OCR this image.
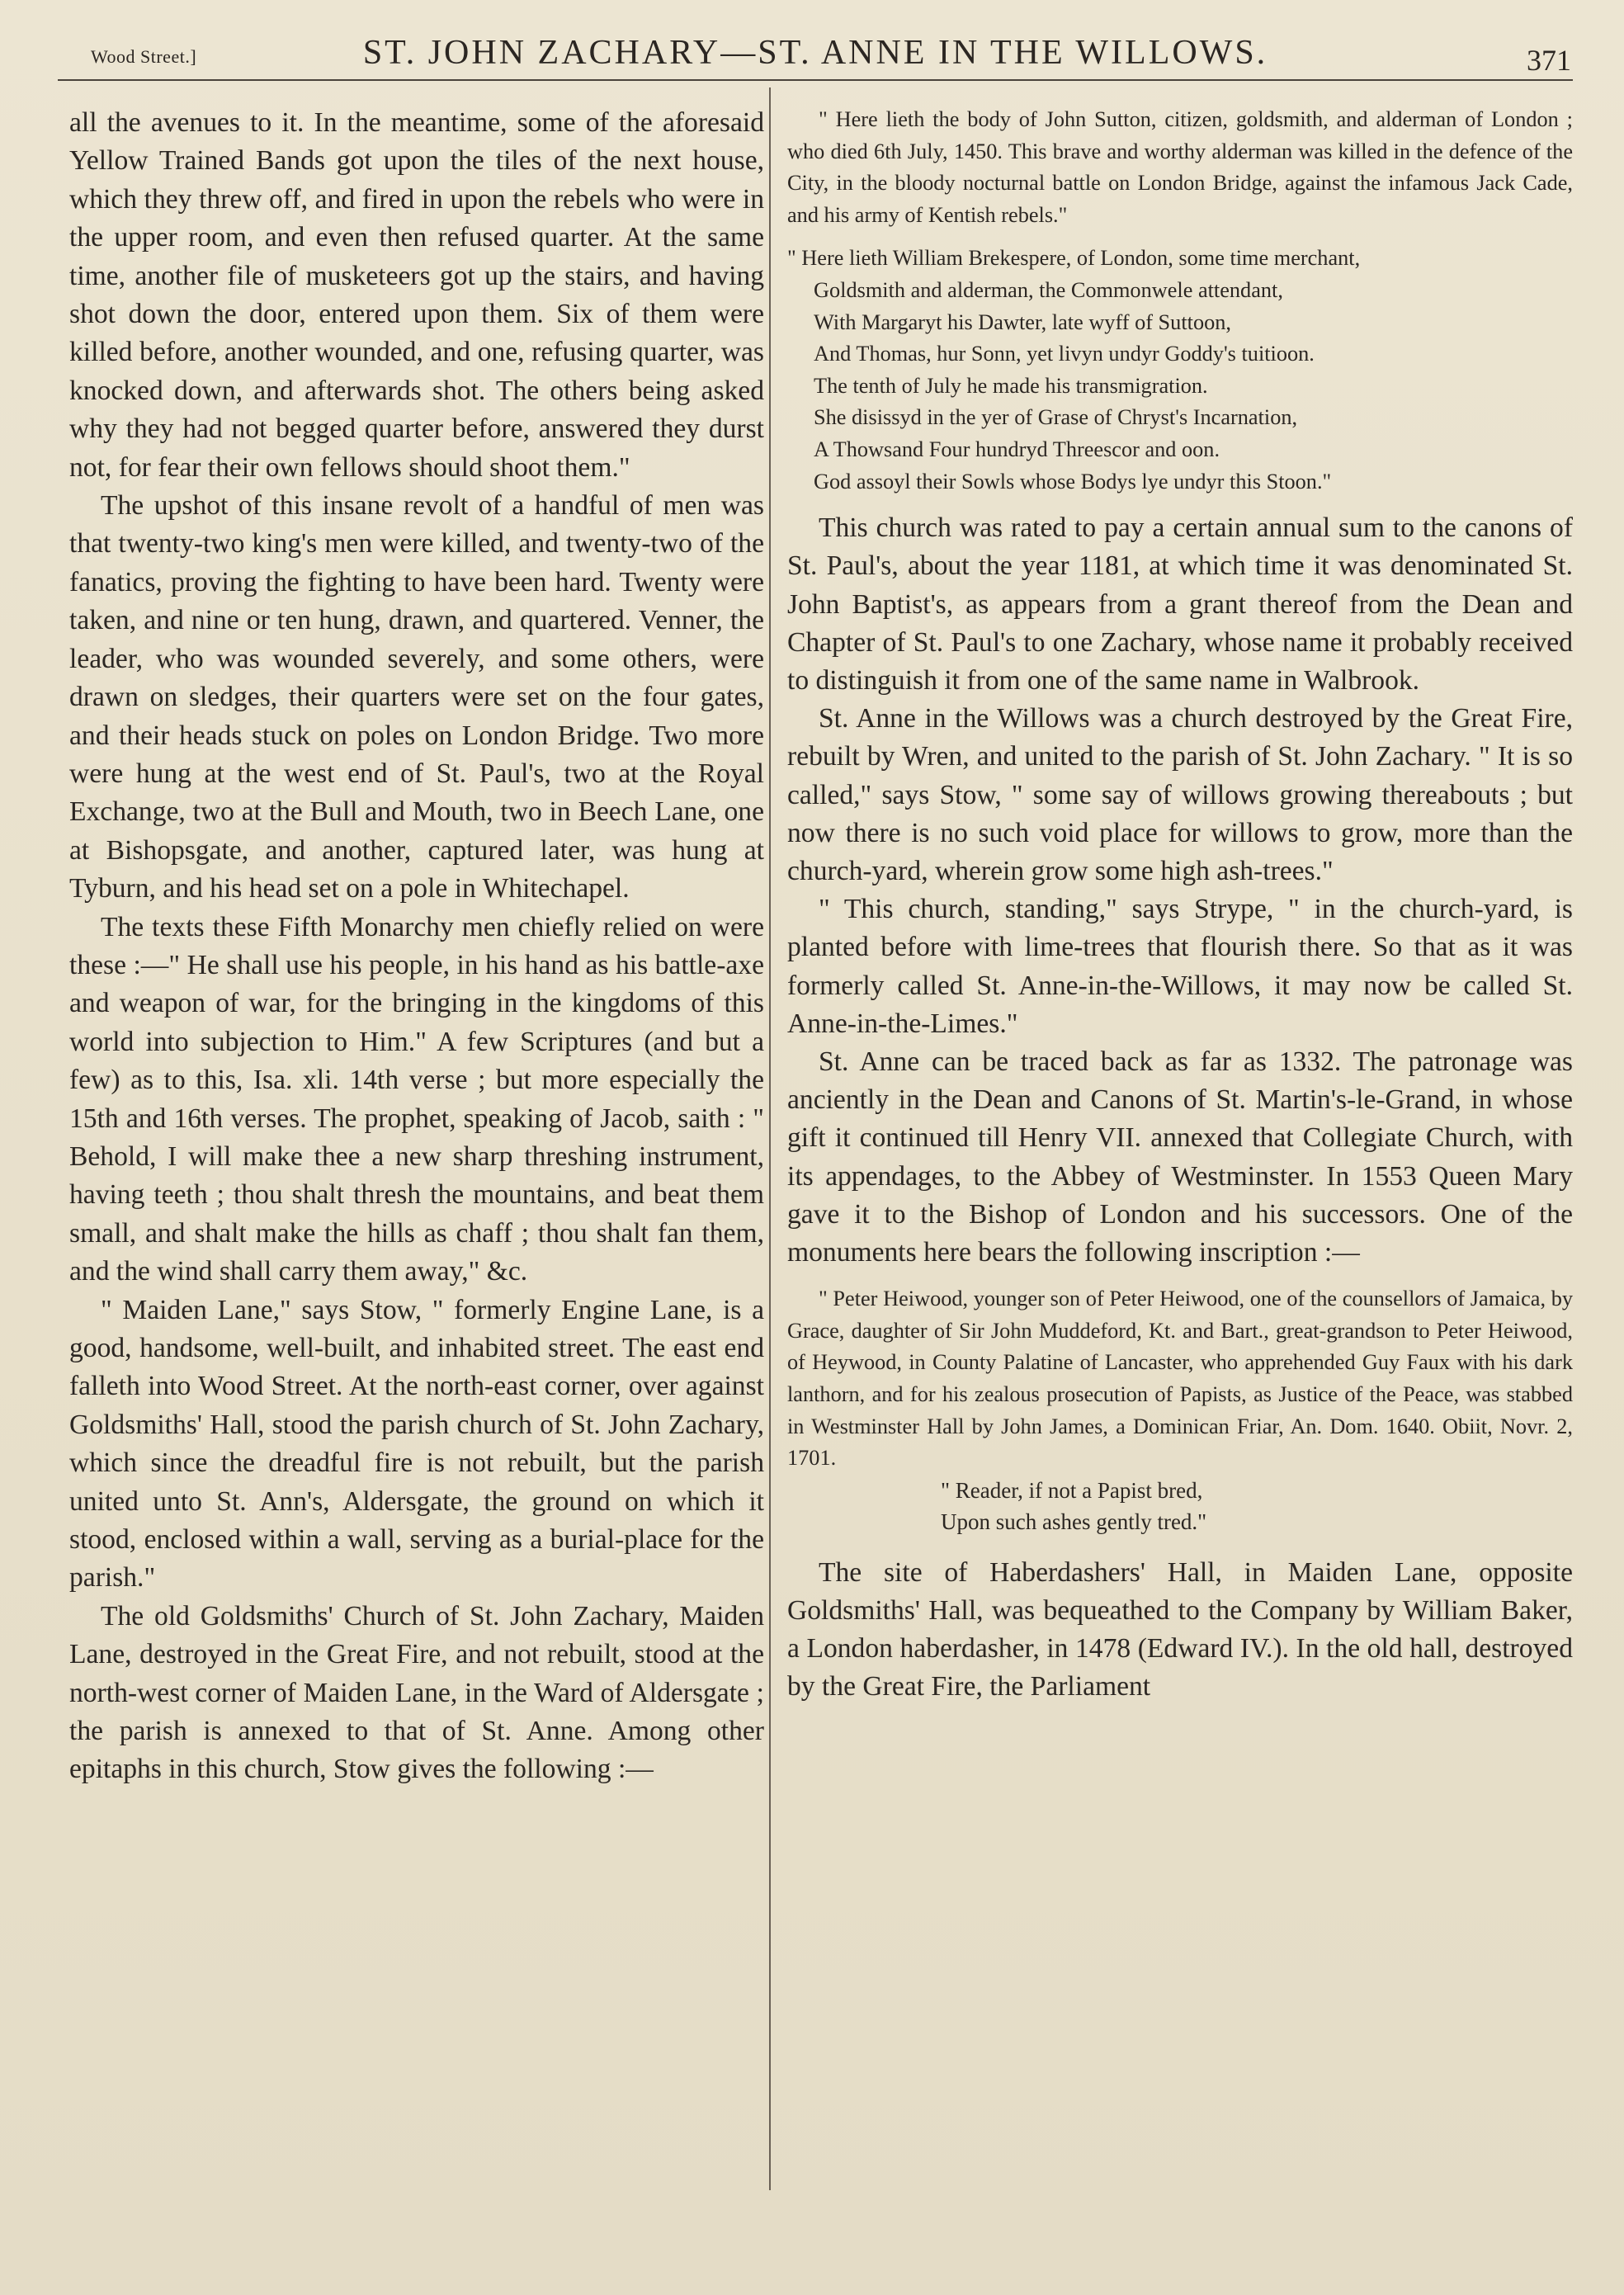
Wood Street.]	ST. JOHN ZACHARY—ST. ANNE IN THE WILLOWS.	371

all the avenues to it. In the meantime, some of the aforesaid Yellow Trained Bands got upon the tiles of the next house, which they threw off, and fired in upon the rebels who were in the upper room, and even then refused quarter. At the same time, another file of musketeers got up the stairs, and having shot down the door, entered upon them. Six of them were killed before, another wounded, and one, refusing quarter, was knocked down, and afterwards shot. The others being asked why they had not begged quarter before, answered they durst not, for fear their own fellows should shoot them."

The upshot of this insane revolt of a handful of men was that twenty-two king's men were killed, and twenty-two of the fanatics, proving the fighting to have been hard. Twenty were taken, and nine or ten hung, drawn, and quartered. Venner, the leader, who was wounded severely, and some others, were drawn on sledges, their quarters were set on the four gates, and their heads stuck on poles on London Bridge. Two more were hung at the west end of St. Paul's, two at the Royal Exchange, two at the Bull and Mouth, two in Beech Lane, one at Bishopsgate, and another, captured later, was hung at Tyburn, and his head set on a pole in Whitechapel.

The texts these Fifth Monarchy men chiefly relied on were these :—" He shall use his people, in his hand as his battle-axe and weapon of war, for the bringing in the kingdoms of this world into subjection to Him." A few Scriptures (and but a few) as to this, Isa. xli. 14th verse ; but more especially the 15th and 16th verses. The prophet, speaking of Jacob, saith : " Behold, I will make thee a new sharp threshing instrument, having teeth ; thou shalt thresh the mountains, and beat them small, and shalt make the hills as chaff ; thou shalt fan them, and the wind shall carry them away," &c.

" Maiden Lane," says Stow, " formerly Engine Lane, is a good, handsome, well-built, and inhabited street. The east end falleth into Wood Street. At the north-east corner, over against Goldsmiths' Hall, stood the parish church of St. John Zachary, which since the dreadful fire is not rebuilt, but the parish united unto St. Ann's, Aldersgate, the ground on which it stood, enclosed within a wall, serving as a burial-place for the parish."

The old Goldsmiths' Church of St. John Zachary, Maiden Lane, destroyed in the Great Fire, and not rebuilt, stood at the north-west corner of Maiden Lane, in the Ward of Aldersgate ; the parish is annexed to that of St. Anne. Among other epitaphs in this church, Stow gives the following :—

" Here lieth the body of John Sutton, citizen, goldsmith, and alderman of London ; who died 6th July, 1450. This brave and worthy alderman was killed in the defence of the City, in the bloody nocturnal battle on London Bridge, against the infamous Jack Cade, and his army of Kentish rebels."

" Here lieth William Brekespere, of London, some time merchant,

Goldsmith and alderman, the Commonwele attendant,

With Margaryt his Dawter, late wyff of Suttoon,

And Thomas, hur Sonn, yet livyn undyr Goddy's tuitioon.

The tenth of July he made his transmigration.

She disissyd in the yer of Grase of Chryst's Incarnation,

A Thowsand Four hundryd Threescor and oon.

God assoyl their Sowls whose Bodys lye undyr this Stoon."

This church was rated to pay a certain annual sum to the canons of St. Paul's, about the year 1181, at which time it was denominated St. John Baptist's, as appears from a grant thereof from the Dean and Chapter of St. Paul's to one Zachary, whose name it probably received to distinguish it from one of the same name in Walbrook.

St. Anne in the Willows was a church destroyed by the Great Fire, rebuilt by Wren, and united to the parish of St. John Zachary. " It is so called," says Stow, " some say of willows growing thereabouts ; but now there is no such void place for willows to grow, more than the church-yard, wherein grow some high ash-trees."

" This church, standing," says Strype, " in the church-yard, is planted before with lime-trees that flourish there. So that as it was formerly called St. Anne-in-the-Willows, it may now be called St. Anne-in-the-Limes."

St. Anne can be traced back as far as 1332. The patronage was anciently in the Dean and Canons of St. Martin's-le-Grand, in whose gift it continued till Henry VII. annexed that Collegiate Church, with its appendages, to the Abbey of Westminster. In 1553 Queen Mary gave it to the Bishop of London and his successors. One of the monuments here bears the following inscription :—

" Peter Heiwood, younger son of Peter Heiwood, one of the counsellors of Jamaica, by Grace, daughter of Sir John Muddeford, Kt. and Bart., great-grandson to Peter Heiwood, of Heywood, in County Palatine of Lancaster, who apprehended Guy Faux with his dark lanthorn, and for his zealous prosecution of Papists, as Justice of the Peace, was stabbed in Westminster Hall by John James, a Dominican Friar, An. Dom. 1640. Obiit, Novr. 2, 1701.

" Reader, if not a Papist bred,

Upon such ashes gently tred."

The site of Haberdashers' Hall, in Maiden Lane, opposite Goldsmiths' Hall, was bequeathed to the Company by William Baker, a London haberdasher, in 1478 (Edward IV.). In the old hall, destroyed by the Great Fire, the Parliament
